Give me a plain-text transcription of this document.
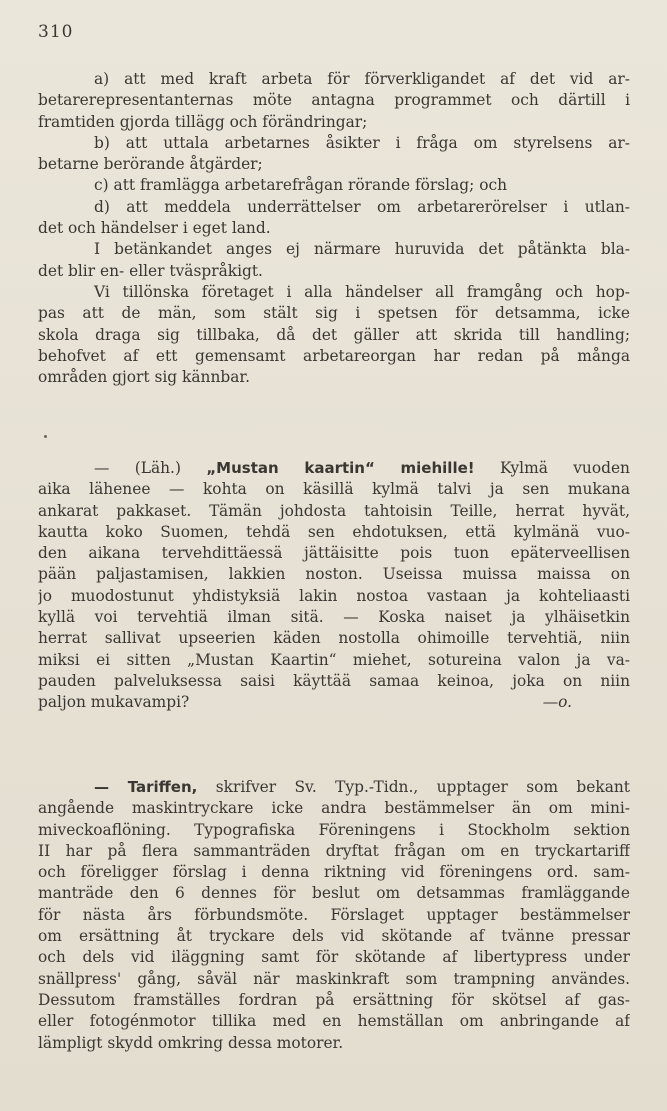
310
a) att med kraft arbeta för förverkligandet af det vid ar-
betarerepresentanternas möte antagna programmet och därtill i
framtiden gjorda tillägg och förändringar;
b) att uttala arbetarnes åsikter i fråga om styrelsens ar-
betarne berörande åtgärder;
c) att framlägga arbetarefrågan rörande förslag; och
d) att meddela underrättelser om arbetarerörelser i utlan-
det och händelser i eget land.
I betänkandet anges ej närmare huruvida det påtänkta bla-
det blir en- eller tväspråkigt.
Vi tillönska företaget i alla händelser all framgång och hop-
pas att de män, som stält sig i spetsen för detsamma, icke
skola draga sig tillbaka, då det gäller att skrida till handling;
behofvet af ett gemensamt arbetareorgan har redan på många
områden gjort sig kännbar.
— (Läh.) „Mustan kaartin“ miehille! Kylmä vuoden
aika lähenee — kohta on käsillä kylmä talvi ja sen mukana
ankarat pakkaset. Tämän johdosta tahtoisin Teille, herrat hyvät,
kautta koko Suomen, tehdä sen ehdotuksen, että kylmänä vuo-
den aikana tervehdittäessä jättäisitte pois tuon epäterveellisen
pään paljastamisen, lakkien noston. Useissa muissa maissa on
jo muodostunut yhdistyksiä lakin nostoa vastaan ja kohteliaasti
kyllä voi tervehtiä ilman sitä. — Koska naiset ja ylhäisetkin
herrat sallivat upseerien käden nostolla ohimoille tervehtiä, niin
miksi ei sitten „Mustan Kaartin“ miehet, sotureina valon ja va-
pauden palveluksessa saisi käyttää samaa keinoa, joka on niin
paljon mukavampi?	—o.
— Tariffen, skrifver Sv. Typ.-Tidn., upptager som bekant
angående maskintryckare icke andra bestämmelser än om mini-
miveckoaflöning. Typografiska Föreningens i Stockholm sektion
II har på flera sammanträden dryftat frågan om en tryckartariff
och föreligger förslag i denna riktning vid föreningens ord. sam-
manträde den 6 dennes för beslut om detsammas framläggande
för nästa års förbundsmöte. Förslaget upptager bestämmelser
om ersättning åt tryckare dels vid skötande af tvänne pressar
och dels vid iläggning samt för skötande af libertypress under
snällpress' gång, såväl när maskinkraft som trampning användes.
Dessutom framställes fordran på ersättning för skötsel af gas-
eller fotogénmotor tillika med en hemställan om anbringande af
lämpligt skydd omkring dessa motorer.
